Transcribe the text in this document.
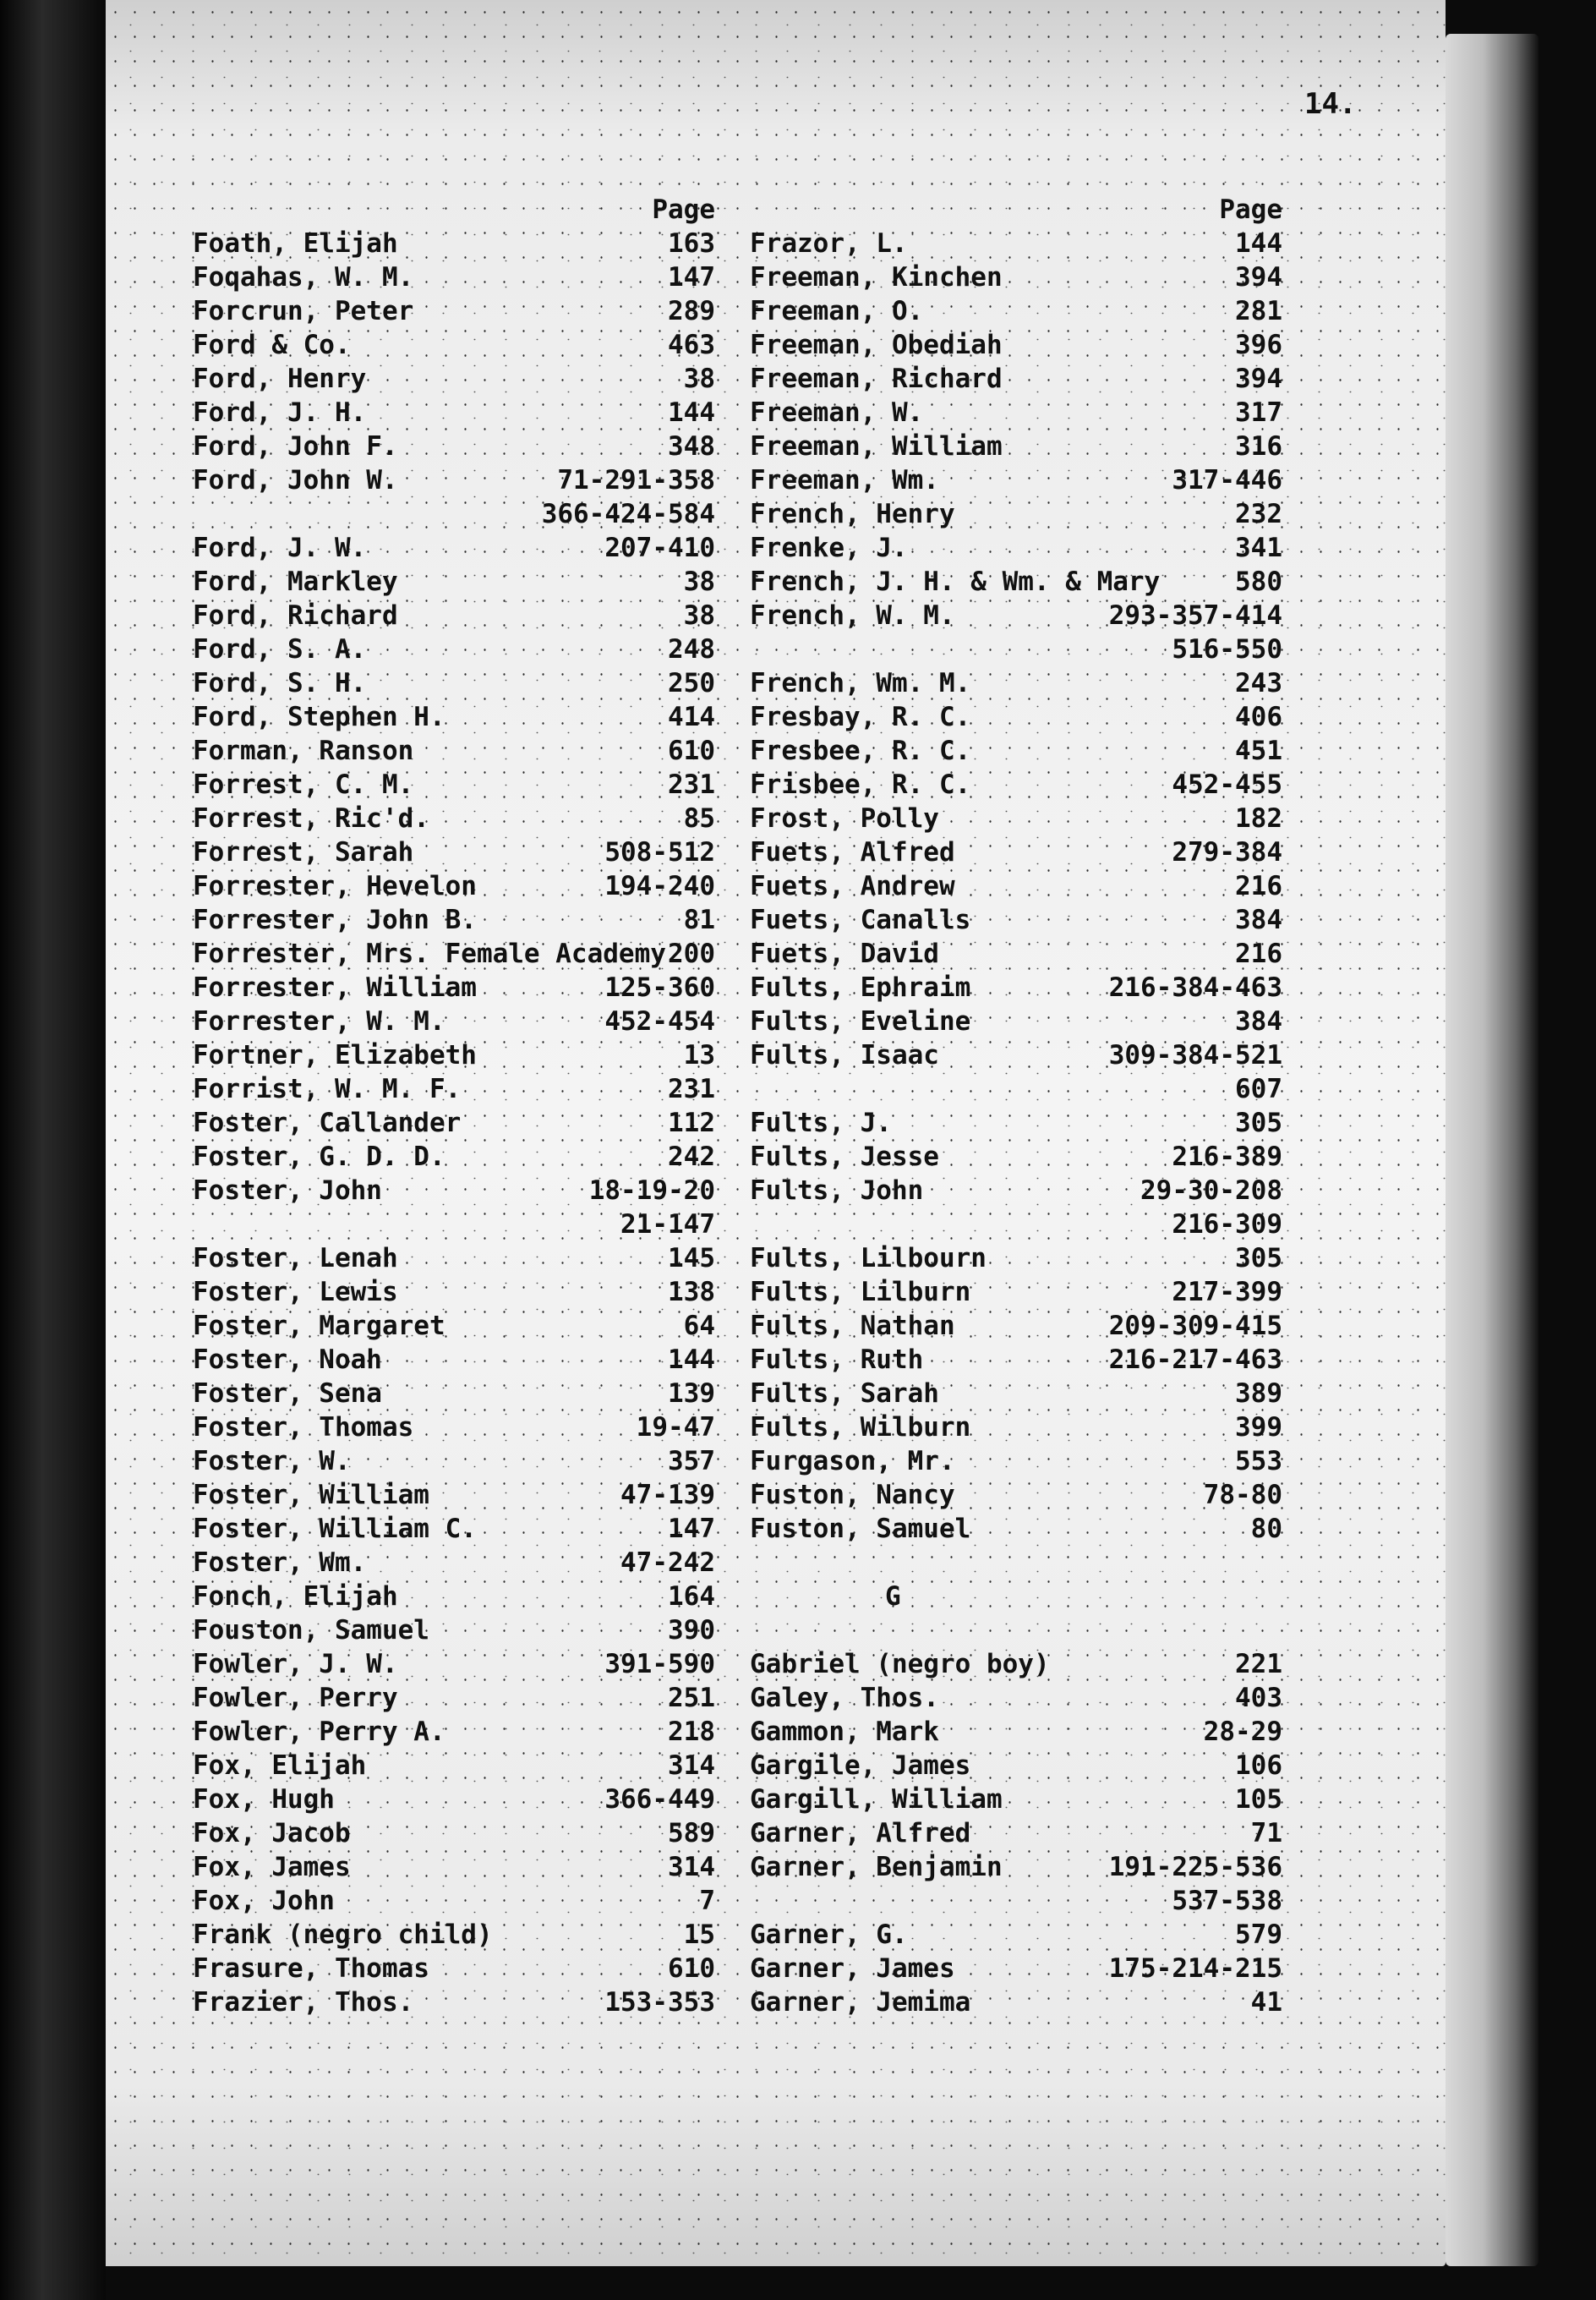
14.
Page
Foath, Elijah	163
Foqahas, W. M.	147
Forcrun, Peter	289
Ford & Co.	463
Ford, Henry	38
Ford, J. H.	144
Ford, John F.	348
Ford, John W.	71-291-358
366-424-584
Ford, J. W.	207-410
Ford, Markley	38
Ford, Richard	38
Ford, S. A.	248
Ford, S. H.	250
Ford, Stephen H.	414
Forman, Ranson	610
Forrest, C. M.	231
Forrest, Ric'd.	85
Forrest, Sarah	508-512
Forrester, Hevelon	194-240
Forrester, John B.	81
Forrester, Mrs. Female Academy 200
Forrester, William	125-360
Forrester, W. M.	452-454
Fortner, Elizabeth	13
Forrist, W. M. F.	231
Foster, Callander	112
Foster, G. D. D.	242
Foster, John	18-19-20
21-147
Foster, Lenah	145
Foster, Lewis	138
Foster, Margaret	64
Foster, Noah	144
Foster, Sena	139
Foster, Thomas	19-47
Foster, W.	357
Foster, William	47-139
Foster, William C.	147
Foster, Wm.	47-242
Fonch, Elijah	164
Fouston, Samuel	390
Fowler, J. W.	391-590
Fowler, Perry	251
Fowler, Perry A.	218
Fox, Elijah	314
Fox, Hugh	366-449
Fox, Jacob	589
Fox, James	314
Fox, John	7
Frank (negro child)	15
Frasure, Thomas	610
Frazier, Thos.	153-353
Page
Frazor, L.	144
Freeman, Kinchen	394
Freeman, O.	281
Freeman, Obediah	396
Freeman, Richard	394
Freeman, W.	317
Freeman, William	316
Freeman, Wm.	317-446
French, Henry	232
Frenke, J.	341
French, J. H. & Wm. & Mary	580
French, W. M.	293-357-414
516-550
French, Wm. M.	243
Fresbay, R. C.	406
Fresbee, R. C.	451
Frisbee, R. C.	452-455
Frost, Polly	182
Fuets, Alfred	279-384
Fuets, Andrew	216
Fuets, Canalls	384
Fuets, David	216
Fults, Ephraim	216-384-463
Fults, Eveline	384
Fults, Isaac	309-384-521
607
Fults, J.	305
Fults, Jesse	216-389
Fults, John	29-30-208
216-309
Fults, Lilbourn	305
Fults, Lilburn	217-399
Fults, Nathan	209-309-415
Fults, Ruth	216-217-463
Fults, Sarah	389
Fults, Wilburn	399
Furgason, Mr.	553
Fuston, Nancy	78-80
Fuston, Samuel	80
G
Gabriel (negro boy)	221
Galey, Thos.	403
Gammon, Mark	28-29
Gargile, James	106
Gargill, William	105
Garner, Alfred	71
Garner, Benjamin	191-225-536
537-538
Garner, G.	579
Garner, James	175-214-215
Garner, Jemima	41
